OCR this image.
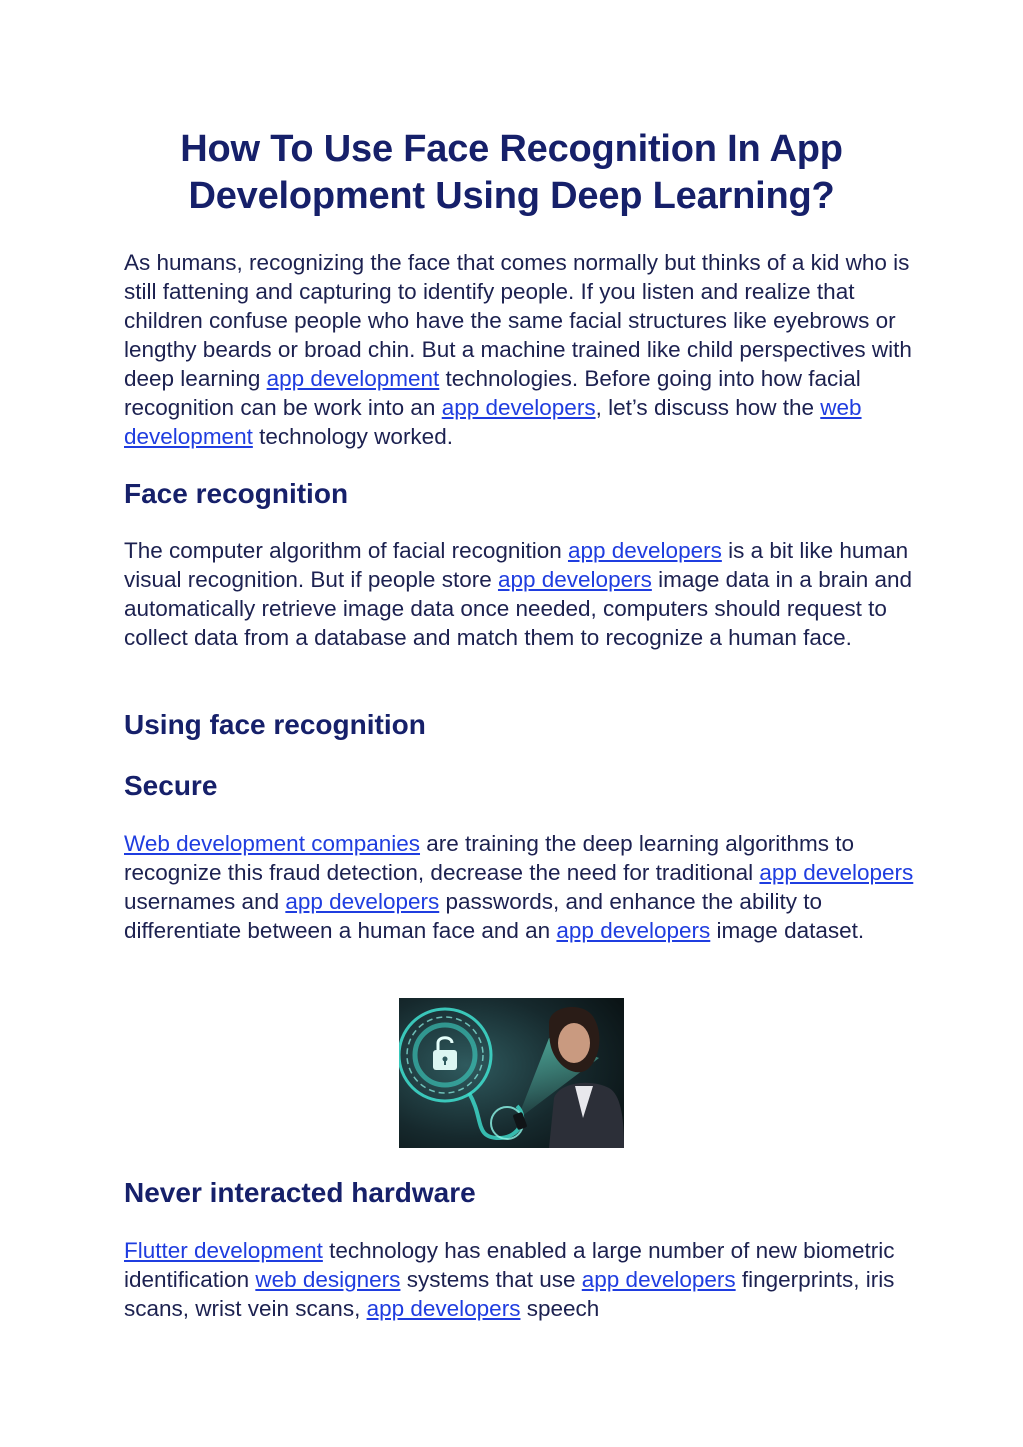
How To Use Face Recognition In App
Development Using Deep Learning?

As humans, recognizing the face that comes normally but thinks of a kid who is still fattening and capturing to identify people. If you listen and realize that children confuse people who have the same facial structures like eyebrows or lengthy beards or broad chin. But a machine trained like child perspectives with deep learning app development technologies. Before going into how facial recognition can be work into an app developers, let’s discuss how the web development technology worked.

Face recognition

The computer algorithm of facial recognition app developers is a bit like human visual recognition. But if people store app developers image data in a brain and automatically retrieve image data once needed, computers should request to collect data from a database and match them to recognize a human face.

Using face recognition
Secure

Web development companies are training the deep learning algorithms to recognize this fraud detection, decrease the need for traditional app developers usernames and app developers passwords, and enhance the ability to differentiate between a human face and an app developers image dataset.

Never interacted hardware

Flutter development technology has enabled a large number of new biometric identification web designers systems that use app developers fingerprints, iris scans, wrist vein scans, app developers speech
